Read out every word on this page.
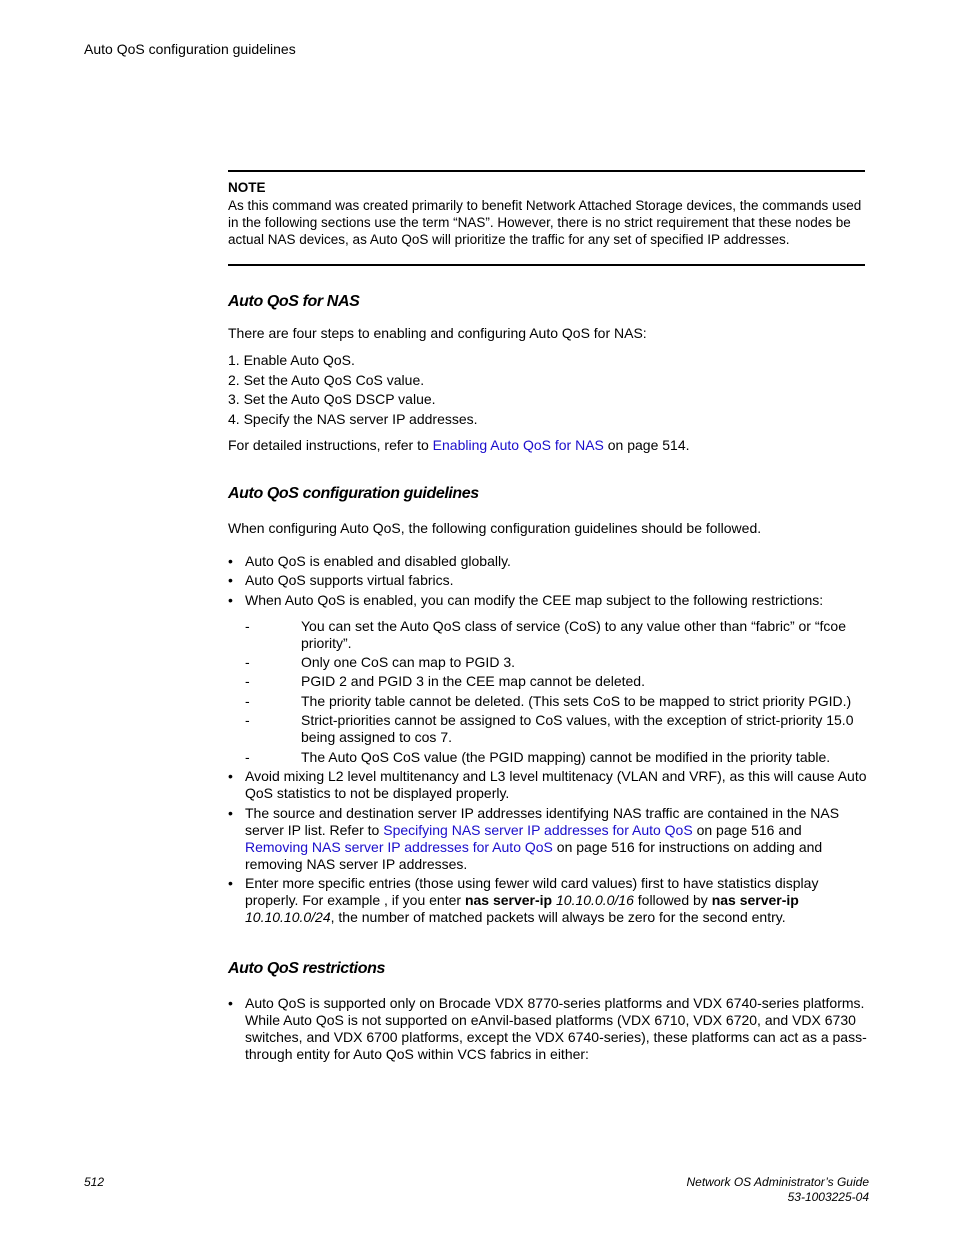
Auto QoS configuration guidelines
NOTE
As this command was created primarily to benefit Network Attached Storage devices, the commands used in the following sections use the term “NAS”. However, there is no strict requirement that these nodes be actual NAS devices, as Auto QoS will prioritize the traffic for any set of specified IP addresses.
Auto QoS for NAS
There are four steps to enabling and configuring Auto QoS for NAS:
1. Enable Auto QoS.
2. Set the Auto QoS CoS value.
3. Set the Auto QoS DSCP value.
4. Specify the NAS server IP addresses.
For detailed instructions, refer to Enabling Auto QoS for NAS on page 514.
Auto QoS configuration guidelines
When configuring Auto QoS, the following configuration guidelines should be followed.
• Auto QoS is enabled and disabled globally.
• Auto QoS supports virtual fabrics.
• When Auto QoS is enabled, you can modify the CEE map subject to the following restrictions:
- You can set the Auto QoS class of service (CoS) to any value other than “fabric” or “fcoe priority”.
- Only one CoS can map to PGID 3.
- PGID 2 and PGID 3 in the CEE map cannot be deleted.
- The priority table cannot be deleted. (This sets CoS to be mapped to strict priority PGID.)
- Strict-priorities cannot be assigned to CoS values, with the exception of strict-priority 15.0 being assigned to cos 7.
- The Auto QoS CoS value (the PGID mapping) cannot be modified in the priority table.
• Avoid mixing L2 level multitenancy and L3 level multitenacy (VLAN and VRF), as this will cause Auto QoS statistics to not be displayed properly.
• The source and destination server IP addresses identifying NAS traffic are contained in the NAS server IP list. Refer to Specifying NAS server IP addresses for Auto QoS on page 516 and Removing NAS server IP addresses for Auto QoS on page 516 for instructions on adding and removing NAS server IP addresses.
• Enter more specific entries (those using fewer wild card values) first to have statistics display properly. For example , if you enter nas server-ip 10.10.0.0/16 followed by nas server-ip 10.10.10.0/24, the number of matched packets will always be zero for the second entry.
Auto QoS restrictions
• Auto QoS is supported only on Brocade VDX 8770-series platforms and VDX 6740-series platforms. While Auto QoS is not supported on eAnvil-based platforms (VDX 6710, VDX 6720, and VDX 6730 switches, and VDX 6700 platforms, except the VDX 6740-series), these platforms can act as a pass-through entity for Auto QoS within VCS fabrics in either:
512	Network OS Administrator’s Guide
53-1003225-04
